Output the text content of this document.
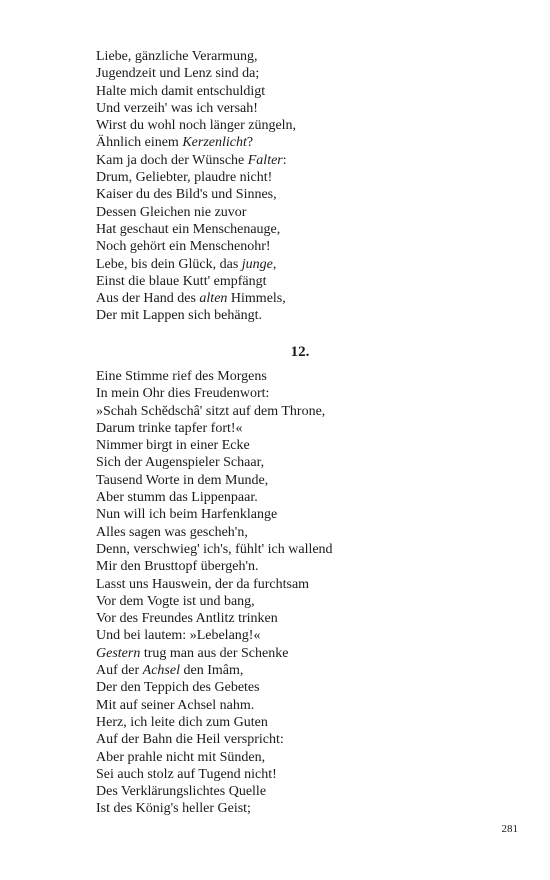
Liebe, gänzliche Verarmung,
Jugendzeit und Lenz sind da;
Halte mich damit entschuldigt
Und verzeih' was ich versah!
Wirst du wohl noch länger züngeln,
Ähnlich einem Kerzenlicht?
Kam ja doch der Wünsche Falter:
Drum, Geliebter, plaudre nicht!
Kaiser du des Bild's und Sinnes,
Dessen Gleichen nie zuvor
Hat geschaut ein Menschenauge,
Noch gehört ein Menschenohr!
Lebe, bis dein Glück, das junge,
Einst die blaue Kutt' empfängt
Aus der Hand des alten Himmels,
Der mit Lappen sich behängt.
12.
Eine Stimme rief des Morgens
In mein Ohr dies Freudenwort:
»Schah Schĕdschâ' sitzt auf dem Throne,
Darum trinke tapfer fort!«
Nimmer birgt in einer Ecke
Sich der Augenspieler Schaar,
Tausend Worte in dem Munde,
Aber stumm das Lippenpaar.
Nun will ich beim Harfenklange
Alles sagen was gescheh'n,
Denn, verschwieg' ich's, fühlt' ich wallend
Mir den Brusttopf übergeh'n.
Lasst uns Hauswein, der da furchtsam
Vor dem Vogte ist und bang,
Vor des Freundes Antlitz trinken
Und bei lautem: »Lebelang!«
Gestern trug man aus der Schenke
Auf der Achsel den Imâm,
Der den Teppich des Gebetes
Mit auf seiner Achsel nahm.
Herz, ich leite dich zum Guten
Auf der Bahn die Heil verspricht:
Aber prahle nicht mit Sünden,
Sei auch stolz auf Tugend nicht!
Des Verklärungslichtes Quelle
Ist des König's heller Geist;
281
